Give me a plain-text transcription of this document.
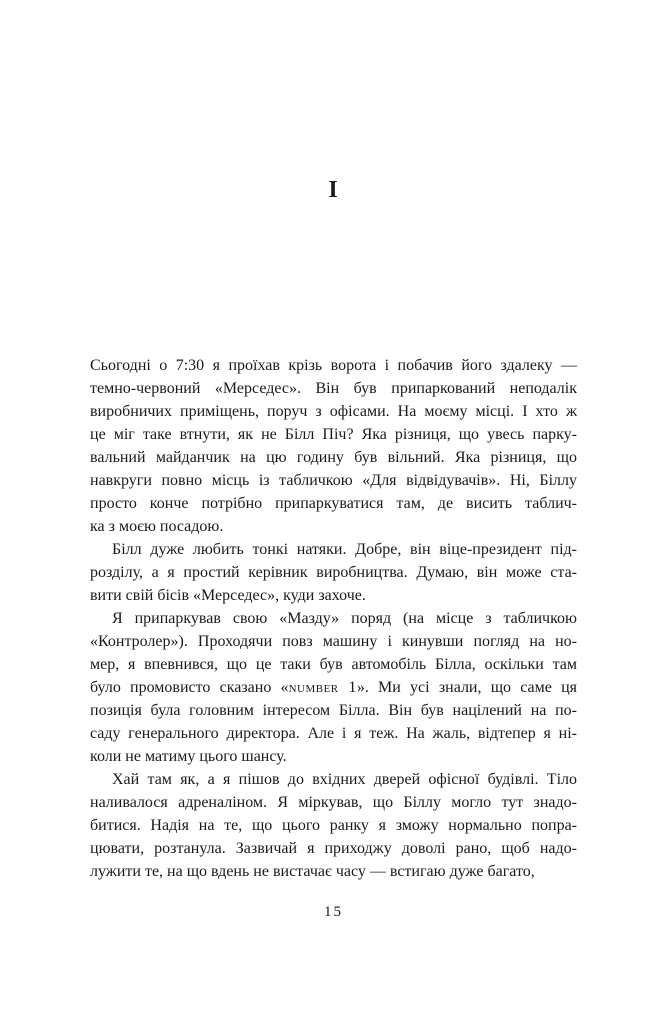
I
Сьогодні о 7:30 я проїхав крізь ворота і побачив його здалеку —
темно-червоний «Мерседес». Він був припаркований неподалік
виробничих приміщень, поруч з офісами. На моєму місці. І хто ж
це міг таке втнути, як не Білл Піч? Яка різниця, що увесь парку-
вальний майданчик на цю годину був вільний. Яка різниця, що
навкруги повно місць із табличкою «Для відвідувачів». Ні, Біллу
просто конче потрібно припаркуватися там, де висить таблич-
ка з моєю посадою.
Білл дуже любить тонкі натяки. Добре, він віце-президент під-
розділу, а я простий керівник виробництва. Думаю, він може ста-
вити свій бісів «Мерседес», куди захоче.
Я припаркував свою «Мазду» поряд (на місце з табличкою
«Контролер»). Проходячи повз машину і кинувши погляд на но-
мер, я впевнився, що це таки був автомобіль Білла, оскільки там
було промовисто сказано «number 1». Ми усі знали, що саме ця
позиція була головним інтересом Білла. Він був націлений на по-
саду генерального директора. Але і я теж. На жаль, відтепер я ні-
коли не матиму цього шансу.
Хай там як, а я пішов до вхідних дверей офісної будівлі. Тіло
наливалося адреналіном. Я міркував, що Біллу могло тут знадо-
битися. Надія на те, що цього ранку я зможу нормально попра-
цювати, розтанула. Зазвичай я приходжу доволі рано, щоб надо-
лужити те, на що вдень не вистачає часу — встигаю дуже багато,
15
